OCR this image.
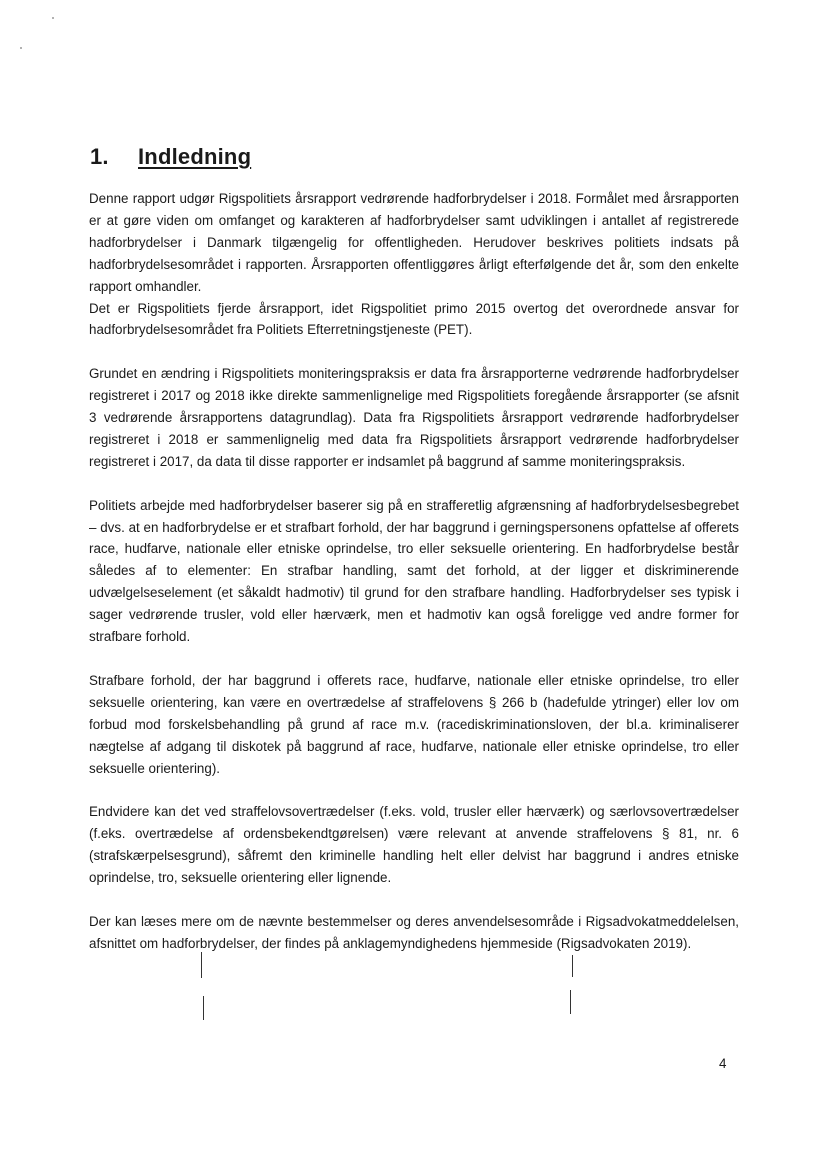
1. Indledning

Denne rapport udgør Rigspolitiets årsrapport vedrørende hadforbrydelser i 2018. Formålet med årsrapporten er at gøre viden om omfanget og karakteren af hadforbrydelser samt udviklingen i antallet af registrerede hadforbrydelser i Danmark tilgængelig for offentligheden. Herudover beskrives politiets indsats på hadforbrydelsesområdet i rapporten. Årsrapporten offentliggøres årligt efterfølgende det år, som den enkelte rapport omhandler.
Det er Rigspolitiets fjerde årsrapport, idet Rigspolitiet primo 2015 overtog det overordnede ansvar for hadforbrydelsesområdet fra Politiets Efterretningstjeneste (PET).

Grundet en ændring i Rigspolitiets moniteringspraksis er data fra årsrapporterne vedrørende hadforbrydelser registreret i 2017 og 2018 ikke direkte sammenlignelige med Rigspolitiets foregående årsrapporter (se afsnit 3 vedrørende årsrapportens datagrundlag). Data fra Rigspolitiets årsrapport vedrørende hadforbrydelser registreret i 2018 er sammenlignelig med data fra Rigspolitiets årsrapport vedrørende hadforbrydelser registreret i 2017, da data til disse rapporter er indsamlet på baggrund af samme moniteringspraksis.

Politiets arbejde med hadforbrydelser baserer sig på en strafferetlig afgrænsning af hadforbrydelsesbegrebet – dvs. at en hadforbrydelse er et strafbart forhold, der har baggrund i gerningspersonens opfattelse af offerets race, hudfarve, nationale eller etniske oprindelse, tro eller seksuelle orientering. En hadforbrydelse består således af to elementer: En strafbar handling, samt det forhold, at der ligger et diskriminerende udvælgelseselement (et såkaldt hadmotiv) til grund for den strafbare handling. Hadforbrydelser ses typisk i sager vedrørende trusler, vold eller hærværk, men et hadmotiv kan også foreligge ved andre former for strafbare forhold.

Strafbare forhold, der har baggrund i offerets race, hudfarve, nationale eller etniske oprindelse, tro eller seksuelle orientering, kan være en overtrædelse af straffelovens § 266 b (hadefulde ytringer) eller lov om forbud mod forskelsbehandling på grund af race m.v. (racediskriminationsloven, der bl.a. kriminaliserer nægtelse af adgang til diskotek på baggrund af race, hudfarve, nationale eller etniske oprindelse, tro eller seksuelle orientering).

Endvidere kan det ved straffelovsovertrædelser (f.eks. vold, trusler eller hærværk) og særlovsovertrædelser (f.eks. overtrædelse af ordensbekendtgørelsen) være relevant at anvende straffelovens § 81, nr. 6 (strafskærpelsesgrund), såfremt den kriminelle handling helt eller delvist har baggrund i andres etniske oprindelse, tro, seksuelle orientering eller lignende.

Der kan læses mere om de nævnte bestemmelser og deres anvendelsesområde i Rigsadvokatmeddelelsen, afsnittet om hadforbrydelser, der findes på anklagemyndighedens hjemmeside (Rigsadvokaten 2019).

4
